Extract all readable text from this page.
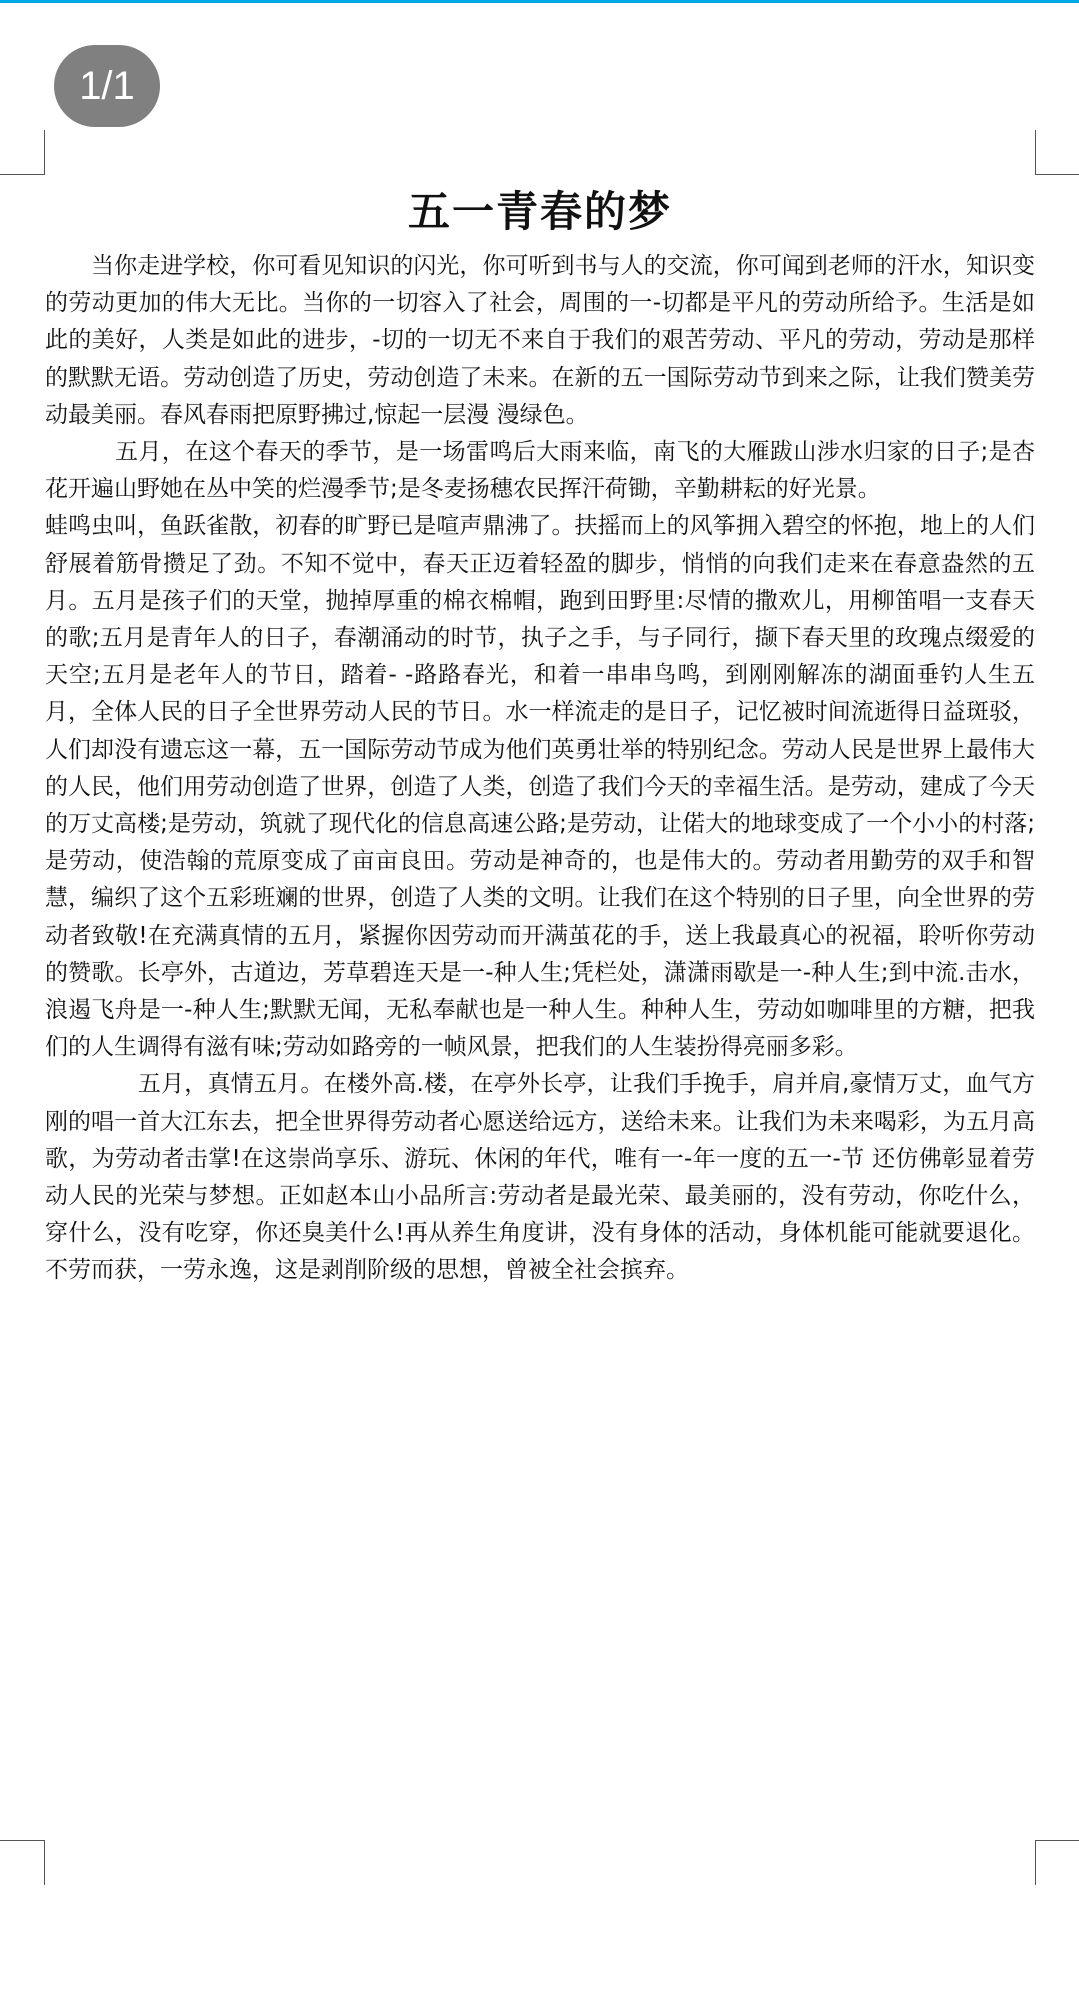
1/1
五一青春的梦

　　当你走进学校，你可看见知识的闪光，你可听到书与人的交流，你可闻到老师的汗水，知识变的劳动更加的伟大无比。当你的一切容入了社会，周围的一-切都是平凡的劳动所给予。生活是如此的美好，人类是如此的进步，-切的一切无不来自于我们的艰苦劳动、平凡的劳动，劳动是那样的默默无语。劳动创造了历史，劳动创造了未来。在新的五一国际劳动节到来之际，让我们赞美劳动最美丽。春风春雨把原野拂过,惊起一层漫 漫绿色。

　　　五月，在这个春天的季节，是一场雷鸣后大雨来临，南飞的大雁跋山涉水归家的日子;是杏花开遍山野她在丛中笑的烂漫季节;是冬麦扬穗农民挥汗荷锄，辛勤耕耘的好光景。

蛙鸣虫叫，鱼跃雀散，初春的旷野已是喧声鼎沸了。扶摇而上的风筝拥入碧空的怀抱，地上的人们舒展着筋骨攒足了劲。不知不觉中，春天正迈着轻盈的脚步，悄悄的向我们走来在春意盎然的五月。五月是孩子们的天堂，抛掉厚重的棉衣棉帽，跑到田野里:尽情的撒欢儿，用柳笛唱一支春天的歌;五月是青年人的日子，春潮涌动的时节，执子之手，与子同行，撷下春天里的玫瑰点缀爱的天空;五月是老年人的节日，踏着- -路路春光，和着一串串鸟鸣，到刚刚解冻的湖面垂钓人生五月，全体人民的日子全世界劳动人民的节日。水一样流走的是日子，记忆被时间流逝得日益斑驳，人们却没有遗忘这一幕，五一国际劳动节成为他们英勇壮举的特别纪念。劳动人民是世界上最伟大的人民，他们用劳动创造了世界，创造了人类，创造了我们今天的幸福生活。是劳动，建成了今天的万丈高楼;是劳动，筑就了现代化的信息高速公路;是劳动，让偌大的地球变成了一个小小的村落;是劳动，使浩翰的荒原变成了亩亩良田。劳动是神奇的，也是伟大的。劳动者用勤劳的双手和智慧，编织了这个五彩班斓的世界，创造了人类的文明。让我们在这个特别的日子里，向全世界的劳动者致敬!在充满真情的五月，紧握你因劳动而开满茧花的手，送上我最真心的祝福，聆听你劳动的赞歌。长亭外，古道边，芳草碧连天是一-种人生;凭栏处，潇潇雨歇是一-种人生;到中流.击水，浪遏飞舟是一-种人生;默默无闻，无私奉献也是一种人生。种种人生，劳动如咖啡里的方糖，把我们的人生调得有滋有味;劳动如路旁的一帧风景，把我们的人生装扮得亮丽多彩。

　　　　五月，真情五月。在楼外高.楼，在亭外长亭，让我们手挽手，肩并肩,豪情万丈，血气方刚的唱一首大江东去，把全世界得劳动者心愿送给远方，送给未来。让我们为未来喝彩，为五月高歌，为劳动者击掌!在这崇尚享乐、游玩、休闲的年代，唯有一-年一度的五一-节 还仿佛彰显着劳动人民的光荣与梦想。正如赵本山小品所言:劳动者是最光荣、最美丽的，没有劳动，你吃什么，穿什么，没有吃穿，你还臭美什么!再从养生角度讲，没有身体的活动，身体机能可能就要退化。不劳而获，一劳永逸，这是剥削阶级的思想，曾被全社会摈弃。
